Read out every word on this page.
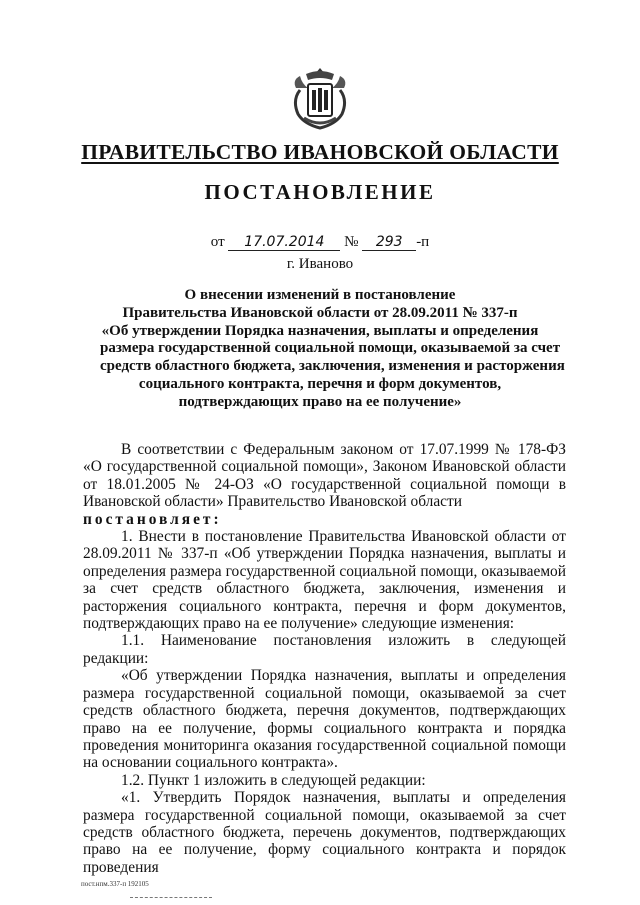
ПРАВИТЕЛЬСТВО ИВАНОВСКОЙ ОБЛАСТИ
ПОСТАНОВЛЕНИЕ
от 17.07.2014 № 293 -п
г. Иваново
О внесении изменений в постановление
Правительства Ивановской области от 28.09.2011 № 337-п
«Об утверждении Порядка назначения, выплаты и определения
размера государственной социальной помощи, оказываемой за счет
средств областного бюджета, заключения, изменения и расторжения
социального контракта, перечня и форм документов,
подтверждающих право на ее получение»

В соответствии с Федеральным законом от 17.07.1999 № 178-ФЗ «О государственной социальной помощи», Законом Ивановской области от 18.01.2005 № 24-ОЗ «О государственной социальной помощи в Ивановской области» Правительство Ивановской области

постановляет:

1. Внести в постановление Правительства Ивановской области от 28.09.2011 № 337-п «Об утверждении Порядка назначения, выплаты и определения размера государственной социальной помощи, оказываемой за счет средств областного бюджета, заключения, изменения и расторжения социального контракта, перечня и форм документов, подтверждающих право на ее получение» следующие изменения:

1.1. Наименование постановления изложить в следующей редакции:

«Об утверждении Порядка назначения, выплаты и определения размера государственной социальной помощи, оказываемой за счет средств областного бюджета, перечня документов, подтверждающих право на ее получение, формы социального контракта и порядка проведения мониторинга оказания государственной социальной помощи на основании социального контракта».

1.2. Пункт 1 изложить в следующей редакции:

«1. Утвердить Порядок назначения, выплаты и определения размера государственной социальной помощи, оказываемой за счет средств областного бюджета, перечень документов, подтверждающих право на ее получение, форму социального контракта и порядок проведения

пост.нпм.337-п 192105
